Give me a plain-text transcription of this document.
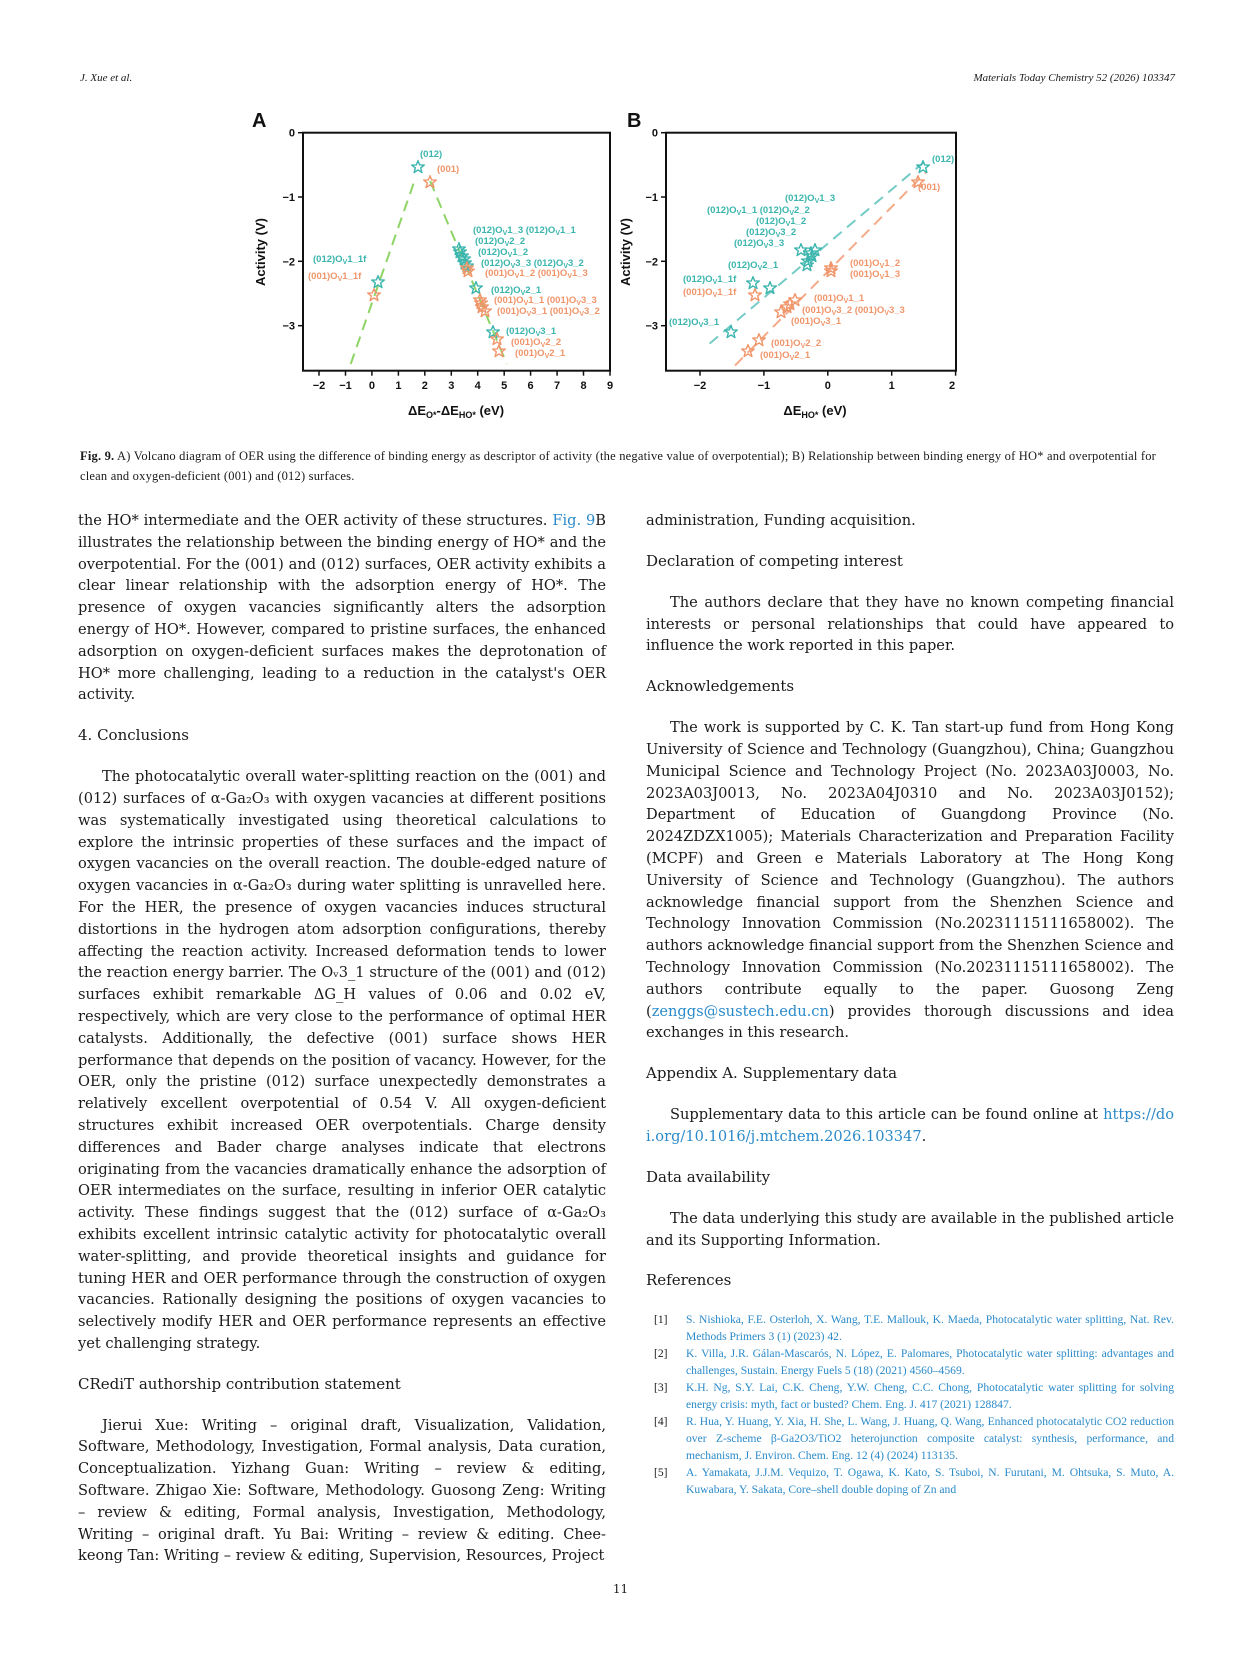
J. Xue et al.	Materials Today Chemistry 52 (2026) 103347
A
0
−1
−2
−3
−2 −1 0 1 2 3 4 5 6 7 8 9
Activity (V)
$\Delta E_{O*}-\Delta E_{HO*}$ (eV)
(012)
$(012)O_V1\_1f$
$(012)O_V1\_3$ $(012)O_V1\_1$
$(012)O_V2\_2$
$(012)O_V1\_2$
$(012)O_V3\_3$ $(012)O_V3\_2$
$(012)O_V2\_1$
$(012)O_V3\_1$
(001)
$(001)O_V1\_1f$	$(001)O_V1\_2$ $(001)O_V1\_3$
$(001)O_V1\_1$ $(001)O_V3\_3$
$(001)O_V3\_1$ $(001)O_V3\_2$
$(001)O_V2\_2$
$(001)O_V2\_1$
B
0
−1
−2
−3
−2	−1	0	1	2
Activity (V)
$\Delta E_{HO*}$ (eV)
(012)
$(012)O_V1\_3$
$(012)O_V1\_1$ $(012)O_V2\_2$
$(012)O_V1\_2$
$(012)O_V3\_2$
$(012)O_V3\_3$
$(012)O_V2\_1$
$(012)O_V1\_1f$
$(012)O_V3\_1$
(001)
$(001)O_V1\_2$
$(001)O_V1\_3$
$(001)O_V1\_1f$
$(001)O_V1\_1$
$(001)O_V3\_2$ $(001)O_V3\_3$
$(001)O_V3\_1$
$(001)O_V2\_2$
$(001)O_V2\_1$
Fig. 9. A) Volcano diagram of OER using the difference of binding energy as descriptor of activity (the negative value of overpotential); B) Relationship between binding energy of HO* and overpotential for clean and oxygen-deficient (001) and (012) surfaces.

the HO* intermediate and the OER activity of these structures. Fig. 9B illustrates the relationship between the binding energy of HO* and the overpotential. For the (001) and (012) surfaces, OER activity exhibits a clear linear relationship with the adsorption energy of HO*. The presence of oxygen vacancies significantly alters the adsorption energy of HO*. However, compared to pristine surfaces, the enhanced adsorption on oxygen-deficient surfaces makes the deprotonation of HO* more challenging, leading to a reduction in the catalyst's OER activity.

4. Conclusions

The photocatalytic overall water-splitting reaction on the (001) and (012) surfaces of α-Ga₂O₃ with oxygen vacancies at different positions was systematically investigated using theoretical calculations to explore the intrinsic properties of these surfaces and the impact of oxygen vacancies on the overall reaction. The double-edged nature of oxygen vacancies in α-Ga₂O₃ during water splitting is unravelled here. For the HER, the presence of oxygen vacancies induces structural distortions in the hydrogen atom adsorption configurations, thereby affecting the reaction activity. Increased deformation tends to lower the reaction energy barrier. The Oᵥ3_1 structure of the (001) and (012) surfaces exhibit remarkable ΔG_H values of 0.06 and 0.02 eV, respectively, which are very close to the performance of optimal HER catalysts. Additionally, the defective (001) surface shows HER performance that depends on the position of vacancy. However, for the OER, only the pristine (012) surface unexpectedly demonstrates a relatively excellent overpotential of 0.54 V. All oxygen-deficient structures exhibit increased OER overpotentials. Charge density differences and Bader charge analyses indicate that electrons originating from the vacancies dramatically enhance the adsorption of OER intermediates on the surface, resulting in inferior OER catalytic activity. These findings suggest that the (012) surface of α-Ga₂O₃ exhibits excellent intrinsic catalytic activity for photocatalytic overall water-splitting, and provide theoretical insights and guidance for tuning HER and OER performance through the construction of oxygen vacancies. Rationally designing the positions of oxygen vacancies to selectively modify HER and OER performance represents an effective yet challenging strategy.

CRediT authorship contribution statement

Jierui Xue: Writing – original draft, Visualization, Validation, Software, Methodology, Investigation, Formal analysis, Data curation, Conceptualization. Yizhang Guan: Writing – review & editing, Software. Zhigao Xie: Software, Methodology. Guosong Zeng: Writing – review & editing, Formal analysis, Investigation, Methodology, Writing – original draft. Yu Bai: Writing – review & editing. Chee-keong Tan: Writing – review & editing, Supervision, Resources, Project

administration, Funding acquisition.

Declaration of competing interest

The authors declare that they have no known competing financial interests or personal relationships that could have appeared to influence the work reported in this paper.

Acknowledgements

The work is supported by C. K. Tan start-up fund from Hong Kong University of Science and Technology (Guangzhou), China; Guangzhou Municipal Science and Technology Project (No. 2023A03J0003, No. 2023A03J0013, No. 2023A04J0310 and No. 2023A03J0152); Department of Education of Guangdong Province (No. 2024ZDZX1005); Materials Characterization and Preparation Facility (MCPF) and Green e Materials Laboratory at The Hong Kong University of Science and Technology (Guangzhou). The authors acknowledge financial support from the Shenzhen Science and Technology Innovation Commission (No.20231115111658002). The authors acknowledge financial support from the Shenzhen Science and Technology Innovation Commission (No.20231115111658002). The authors contribute equally to the paper. Guosong Zeng (zenggs@sustech.edu.cn) provides thorough discussions and idea exchanges in this research.

Appendix A. Supplementary data

Supplementary data to this article can be found online at https://doi.org/10.1016/j.mtchem.2026.103347.

Data availability

The data underlying this study are available in the published article and its Supporting Information.

References
[1]	S. Nishioka, F.E. Osterloh, X. Wang, T.E. Mallouk, K. Maeda, Photocatalytic water splitting, Nat. Rev. Methods Primers 3 (1) (2023) 42.
[2]	K. Villa, J.R. Gálan-Mascarós, N. López, E. Palomares, Photocatalytic water splitting: advantages and challenges, Sustain. Energy Fuels 5 (18) (2021) 4560–4569.
[3]	K.H. Ng, S.Y. Lai, C.K. Cheng, Y.W. Cheng, C.C. Chong, Photocatalytic water splitting for solving energy crisis: myth, fact or busted? Chem. Eng. J. 417 (2021) 128847.
[4]	R. Hua, Y. Huang, Y. Xia, H. She, L. Wang, J. Huang, Q. Wang, Enhanced photocatalytic CO2 reduction over Z-scheme β-Ga2O3/TiO2 heterojunction composite catalyst: synthesis, performance, and mechanism, J. Environ. Chem. Eng. 12 (4) (2024) 113135.
[5]	A. Yamakata, J.J.M. Vequizo, T. Ogawa, K. Kato, S. Tsuboi, N. Furutani, M. Ohtsuka, S. Muto, A. Kuwabara, Y. Sakata, Core–shell double doping of Zn and
11
